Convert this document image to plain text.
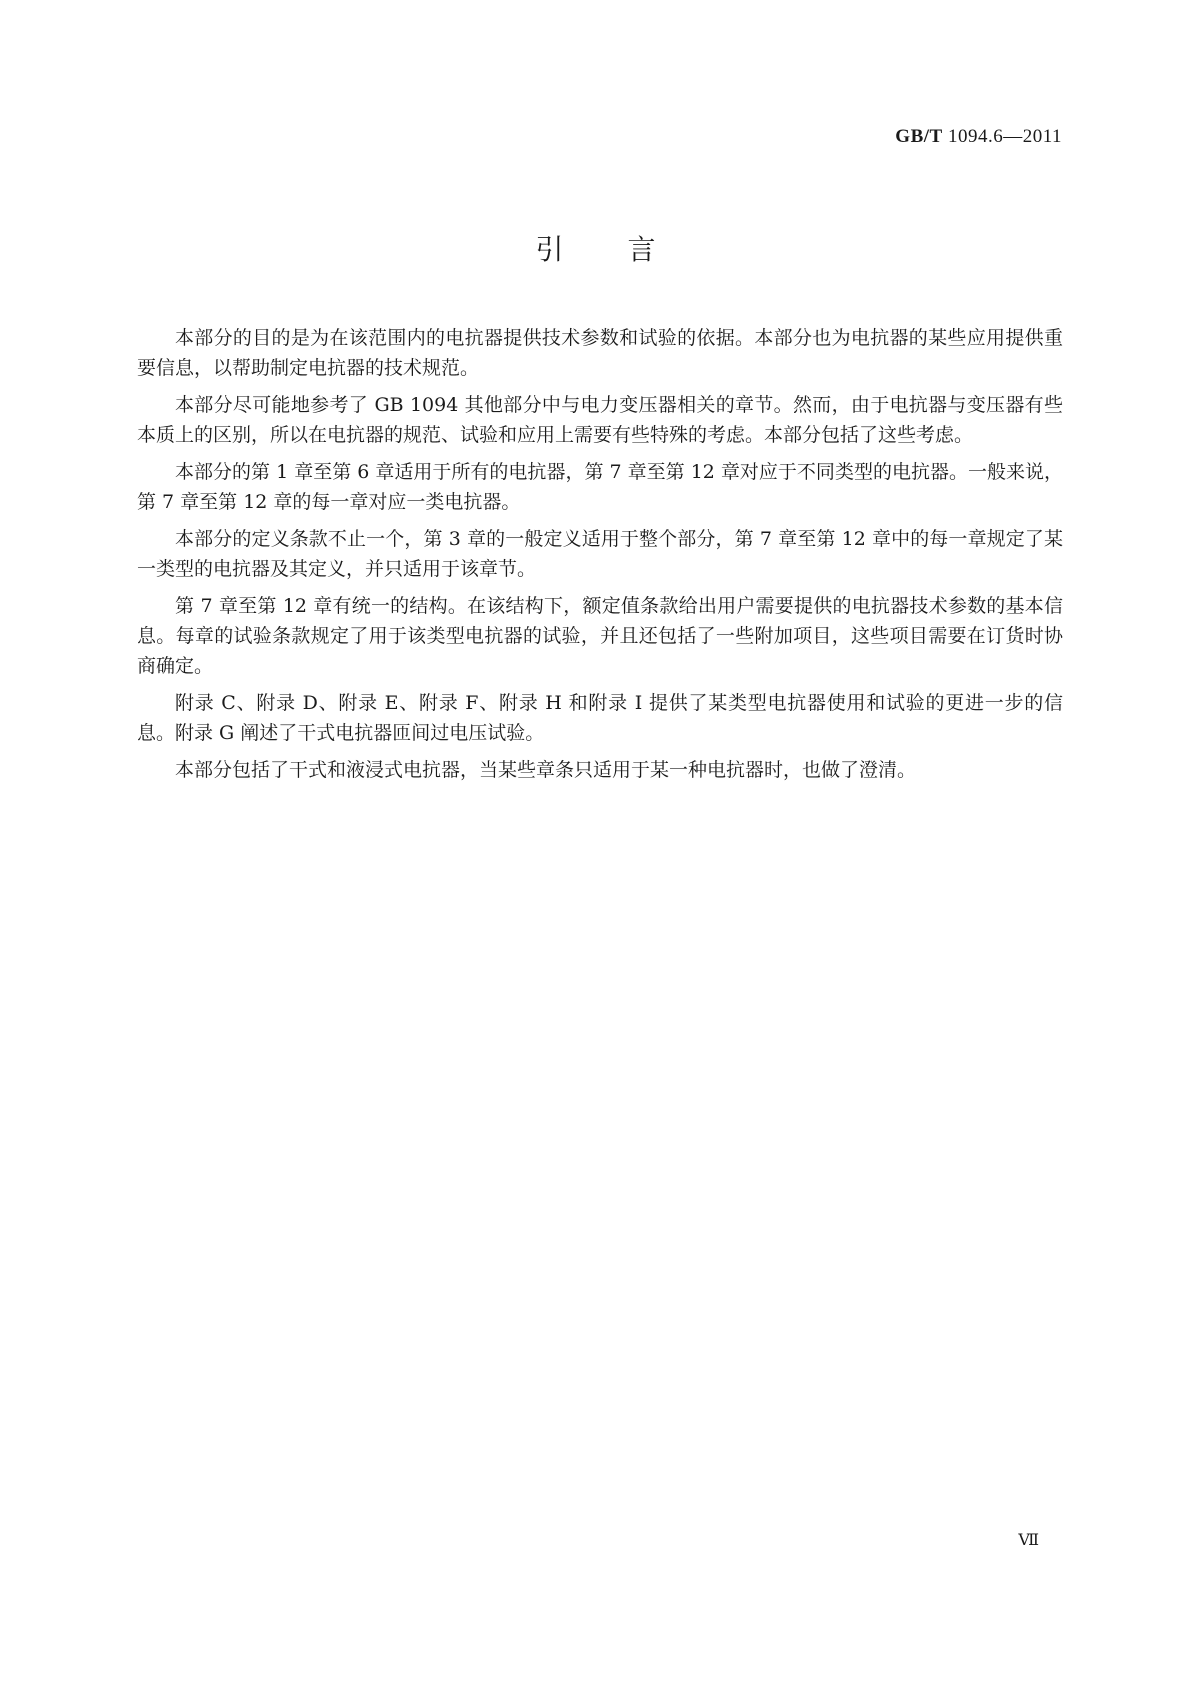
GB/T 1094.6—2011
引言

本部分的目的是为在该范围内的电抗器提供技术参数和试验的依据。本部分也为电抗器的某些应用提供重要信息，以帮助制定电抗器的技术规范。

本部分尽可能地参考了 GB 1094 其他部分中与电力变压器相关的章节。然而，由于电抗器与变压器有些本质上的区别，所以在电抗器的规范、试验和应用上需要有些特殊的考虑。本部分包括了这些考虑。

本部分的第 1 章至第 6 章适用于所有的电抗器，第 7 章至第 12 章对应于不同类型的电抗器。一般来说，第 7 章至第 12 章的每一章对应一类电抗器。

本部分的定义条款不止一个，第 3 章的一般定义适用于整个部分，第 7 章至第 12 章中的每一章规定了某一类型的电抗器及其定义，并只适用于该章节。

第 7 章至第 12 章有统一的结构。在该结构下，额定值条款给出用户需要提供的电抗器技术参数的基本信息。每章的试验条款规定了用于该类型电抗器的试验，并且还包括了一些附加项目，这些项目需要在订货时协商确定。

附录 C、附录 D、附录 E、附录 F、附录 H 和附录 I 提供了某类型电抗器使用和试验的更进一步的信息。附录 G 阐述了干式电抗器匝间过电压试验。

本部分包括了干式和液浸式电抗器，当某些章条只适用于某一种电抗器时，也做了澄清。

Ⅶ
